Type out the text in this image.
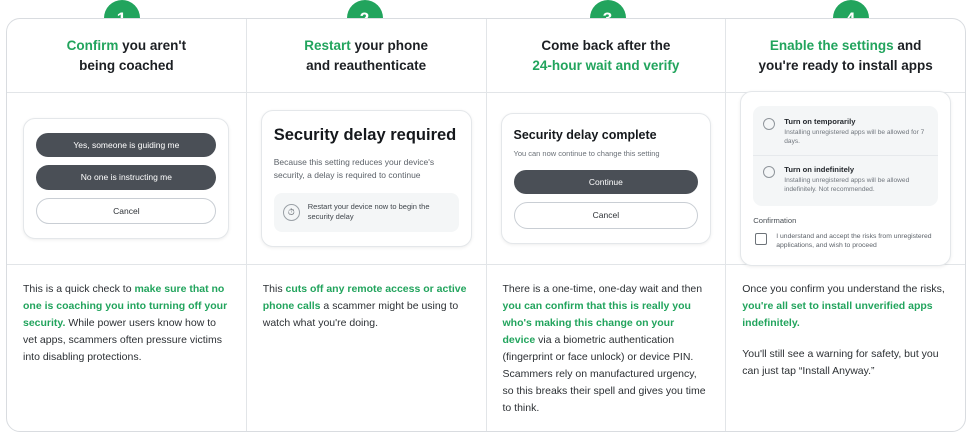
Confirm you aren't
being coached
Restart your phone
and reauthenticate
Come back after the
24-hour wait and verify
Enable the settings and
you're ready to install apps
Yes, someone is guiding me
No one is instructing me
Cancel
Security delay required
Because this setting reduces your device's security, a delay is required to continue
⏱
Restart your device now to begin the security delay
Security delay complete
You can now continue to change this setting
Continue
Cancel
Turn on temporarily
Installing unregistered apps will be allowed for 7 days.
Turn on indefinitely
Installing unregistered apps will be allowed indefinitely. Not recommended.
Confirmation
I understand and accept the risks from unregistered applications, and wish to proceed

This is a quick check to make sure that no one is coaching you into turning off your security. While power users know how to vet apps, scammers often pressure victims into disabling protections.

This cuts off any remote access or active phone calls a scammer might be using to watch what you're doing.

There is a one-time, one-day wait and then you can confirm that this is really you who's making this change on your device via a biometric authentication (fingerprint or face unlock) or device PIN. Scammers rely on manufactured urgency, so this breaks their spell and gives you time to think.

Once you confirm you understand the risks, you're all set to install unverified apps indefinitely.

You'll still see a warning for safety, but you can just tap “Install Anyway.”
